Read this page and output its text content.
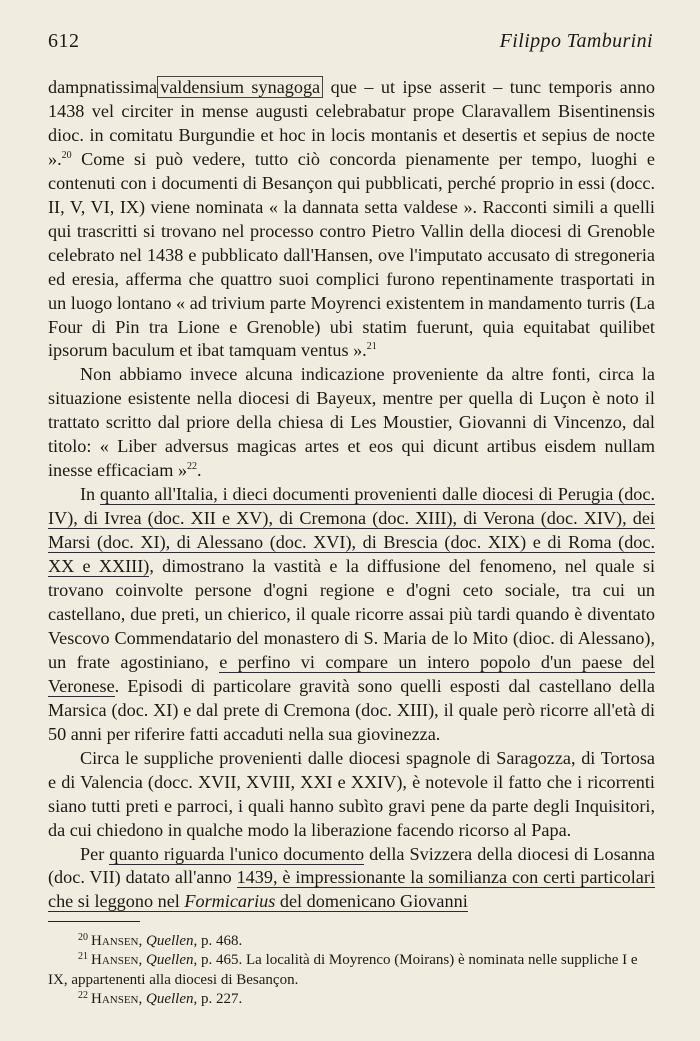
612	Filippo Tamburini

dampnatissima valdensium synagoga que – ut ipse asserit – tunc temporis anno 1438 vel circiter in mense augusti celebrabatur prope Claravallem Bisentinensis dioc. in comitatu Burgundie et hoc in locis montanis et desertis et sepius de nocte ».$^{20}$ Come si può vedere, tutto ciò concorda pienamente per tempo, luoghi e contenuti con i documenti di Besançon qui pubblicati, perché proprio in essi (docc. II, V, VI, IX) viene nominata « la dannata setta valdese ». Racconti simili a quelli qui trascritti si trovano nel processo contro Pietro Vallin della diocesi di Grenoble celebrato nel 1438 e pubblicato dall'Hansen, ove l'imputato accusato di stregoneria ed eresia, afferma che quattro suoi complici furono repentinamente trasportati in un luogo lontano « ad trivium parte Moyrenci existentem in mandamento turris (La Four di Pin tra Lione e Grenoble) ubi statim fuerunt, quia equitabat quilibet ipsorum baculum et ibat tamquam ventus ».$^{21}$

Non abbiamo invece alcuna indicazione proveniente da altre fonti, circa la situazione esistente nella diocesi di Bayeux, mentre per quella di Luçon è noto il trattato scritto dal priore della chiesa di Les Moustier, Giovanni di Vincenzo, dal titolo: « Liber adversus magicas artes et eos qui dicunt artibus eisdem nullam inesse efficaciam »$^{22}$.

In quanto all'Italia, i dieci documenti provenienti dalle diocesi di Perugia (doc. IV), di Ivrea (doc. XII e XV), di Cremona (doc. XIII), di Verona (doc. XIV), dei Marsi (doc. XI), di Alessano (doc. XVI), di Brescia (doc. XIX) e di Roma (doc. XX e XXIII), dimostrano la vastità e la diffusione del fenomeno, nel quale si trovano coinvolte persone d'ogni regione e d'ogni ceto sociale, tra cui un castellano, due preti, un chierico, il quale ricorre assai più tardi quando è diventato Vescovo Commendatario del monastero di S. Maria de lo Mito (dioc. di Alessano), un frate agostiniano, e perfino vi compare un intero popolo d'un paese del Veronese. Episodi di particolare gravità sono quelli esposti dal castellano della Marsica (doc. XI) e dal prete di Cremona (doc. XIII), il quale però ricorre all'età di 50 anni per riferire fatti accaduti nella sua giovinezza.

Circa le suppliche provenienti dalle diocesi spagnole di Saragozza, di Tortosa e di Valencia (docc. XVII, XVIII, XXI e XXIV), è notevole il fatto che i ricorrenti siano tutti preti e parroci, i quali hanno subìto gravi pene da parte degli Inquisitori, da cui chiedono in qualche modo la liberazione facendo ricorso al Papa.

Per quanto riguarda l'unico documento della Svizzera della diocesi di Losanna (doc. VII) datato all'anno 1439, è impressionante la somilianza con certi particolari che si leggono nel Formicarius del domenicano Giovanni

$^{20}$ Hansen, Quellen, p. 468.

$^{21}$ Hansen, Quellen, p. 465. La località di Moyrenco (Moirans) è nominata nelle suppliche I e IX, appartenenti alla diocesi di Besançon.

$^{22}$ Hansen, Quellen, p. 227.
